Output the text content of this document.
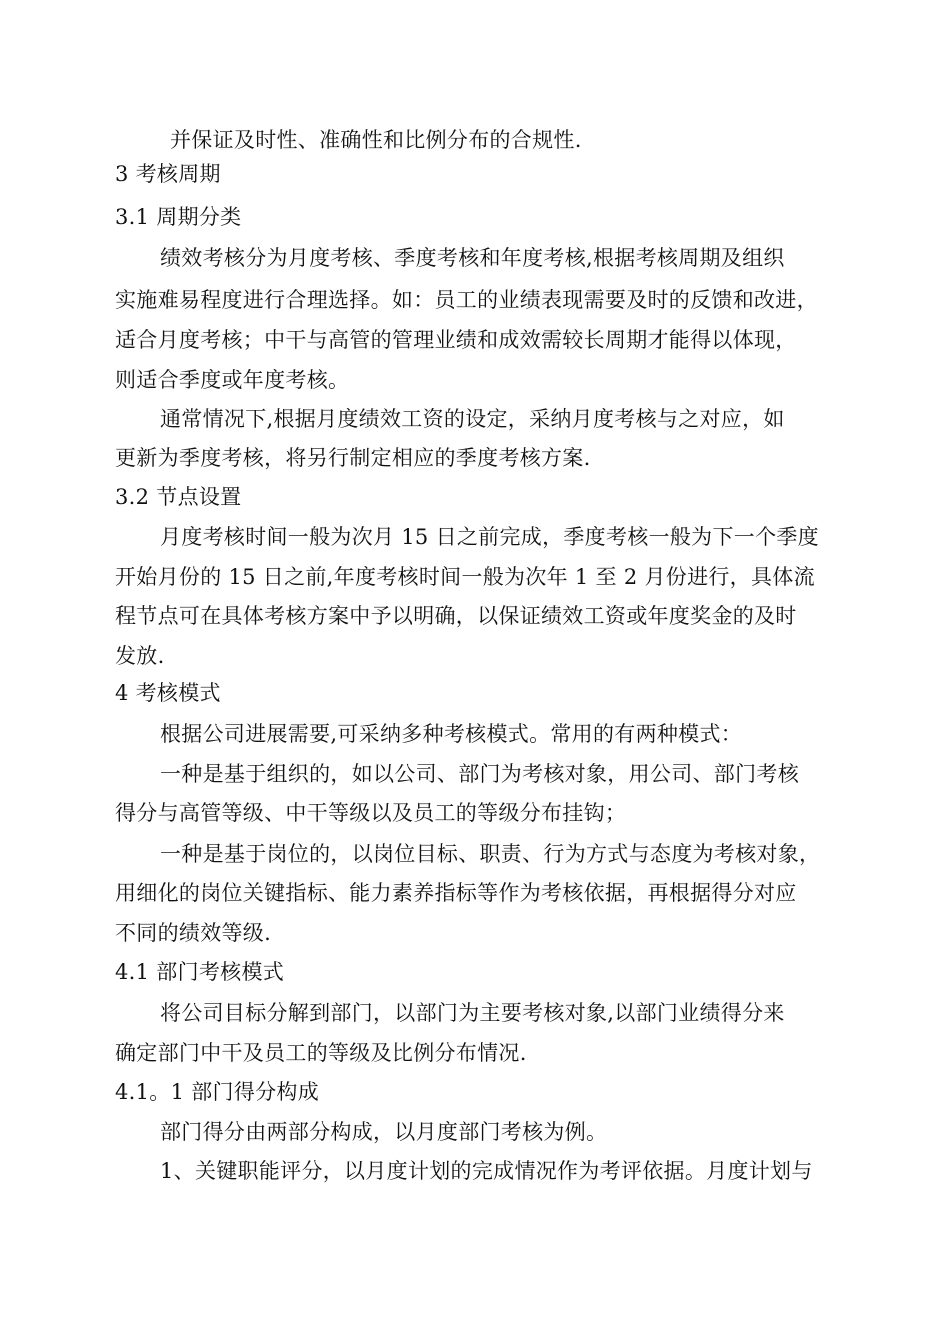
并保证及时性、准确性和比例分布的合规性.
3 考核周期
3.1 周期分类
绩效考核分为月度考核、季度考核和年度考核,根据考核周期及组织
实施难易程度进行合理选择。如：员工的业绩表现需要及时的反馈和改进，
适合月度考核；中干与高管的管理业绩和成效需较长周期才能得以体现，
则适合季度或年度考核。
通常情况下,根据月度绩效工资的设定，采纳月度考核与之对应，如
更新为季度考核，将另行制定相应的季度考核方案.
3.2 节点设置
月度考核时间一般为次月 15 日之前完成，季度考核一般为下一个季度
开始月份的 15 日之前,年度考核时间一般为次年 1 至 2 月份进行，具体流
程节点可在具体考核方案中予以明确，以保证绩效工资或年度奖金的及时
发放.
4 考核模式
根据公司进展需要,可采纳多种考核模式。常用的有两种模式：
一种是基于组织的，如以公司、部门为考核对象，用公司、部门考核
得分与高管等级、中干等级以及员工的等级分布挂钩；
一种是基于岗位的，以岗位目标、职责、行为方式与态度为考核对象，
用细化的岗位关键指标、能力素养指标等作为考核依据，再根据得分对应
不同的绩效等级.
4.1 部门考核模式
将公司目标分解到部门，以部门为主要考核对象,以部门业绩得分来
确定部门中干及员工的等级及比例分布情况.
4.1。1 部门得分构成
部门得分由两部分构成，以月度部门考核为例。
1、关键职能评分，以月度计划的完成情况作为考评依据。月度计划与
